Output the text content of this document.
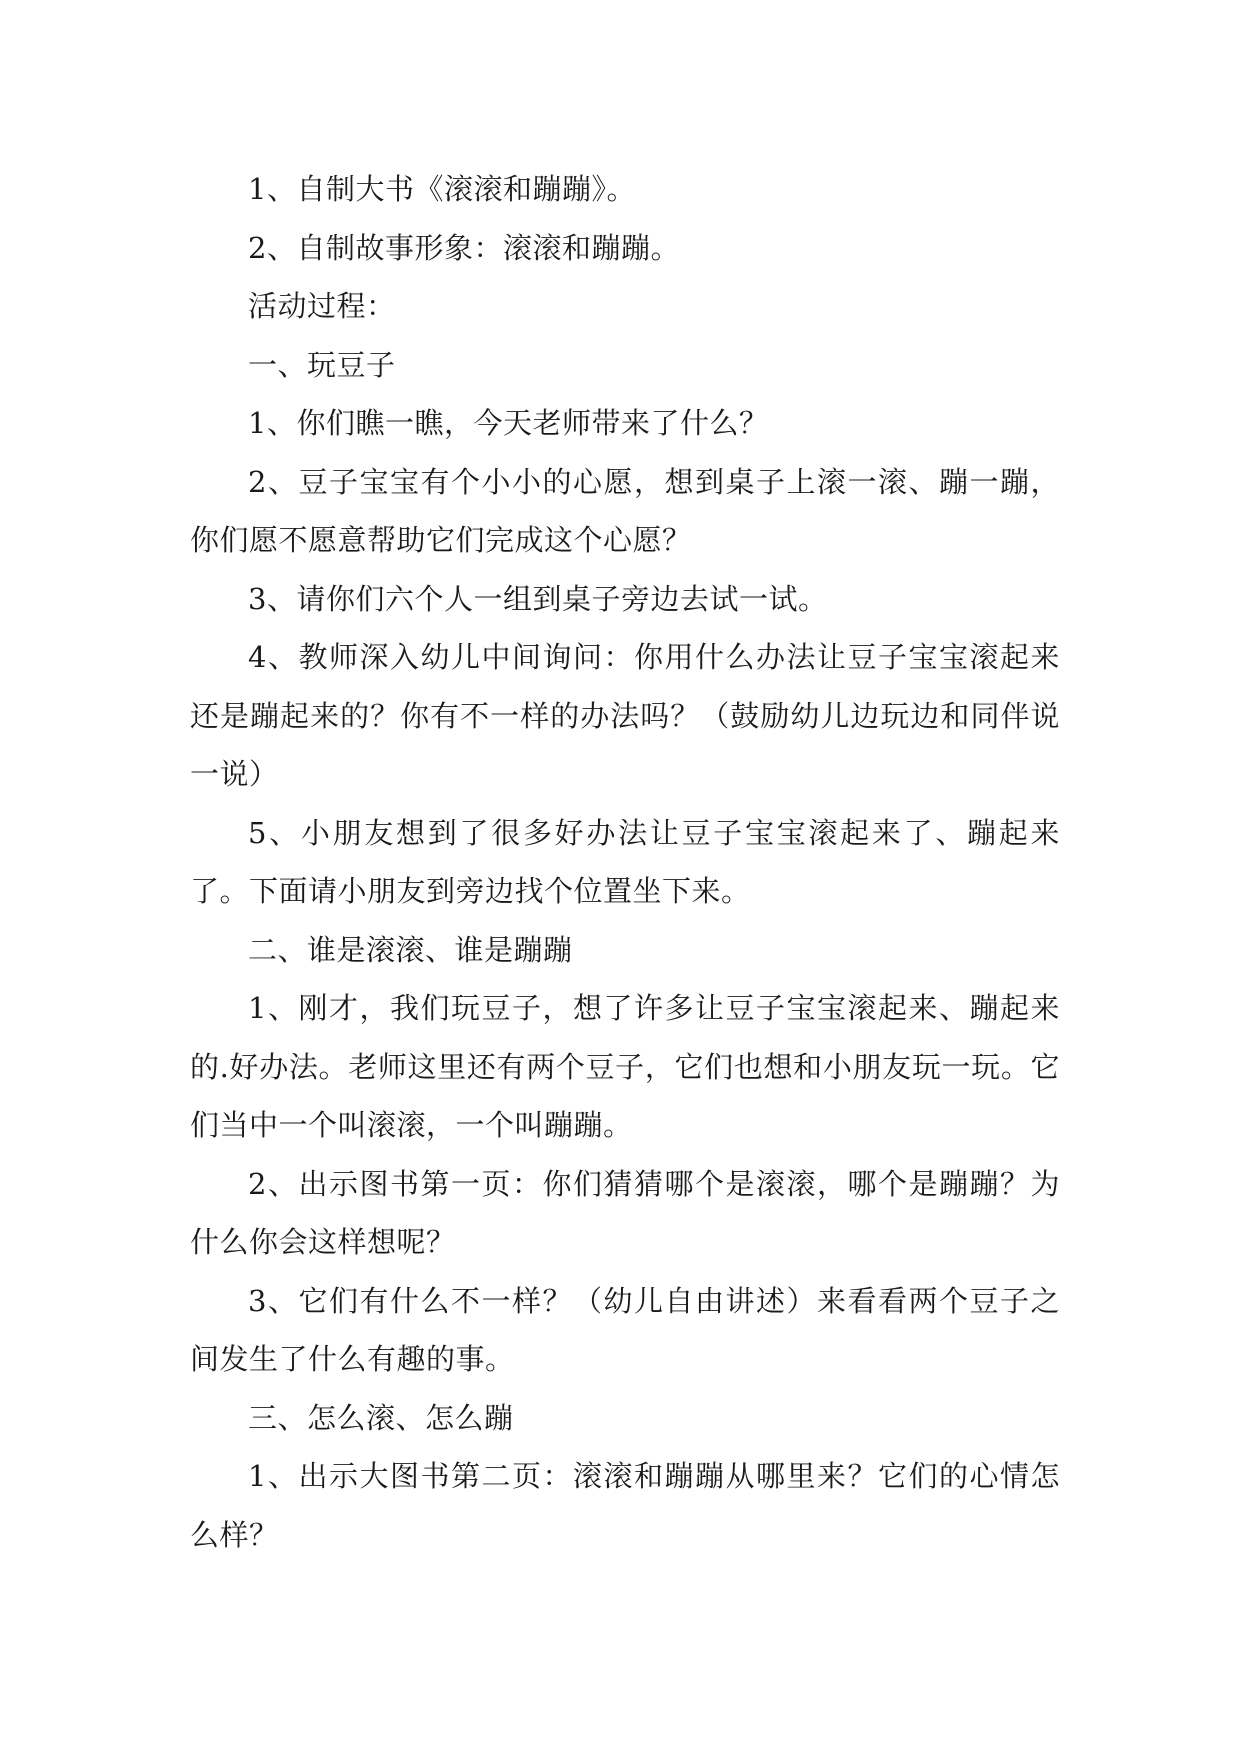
1、自制大书《滚滚和蹦蹦》。

2、自制故事形象：滚滚和蹦蹦。

活动过程：

一、玩豆子

1、你们瞧一瞧，今天老师带来了什么？

2、豆子宝宝有个小小的心愿，想到桌子上滚一滚、蹦一蹦，你们愿不愿意帮助它们完成这个心愿？

3、请你们六个人一组到桌子旁边去试一试。

4、教师深入幼儿中间询问：你用什么办法让豆子宝宝滚起来还是蹦起来的？你有不一样的办法吗？（鼓励幼儿边玩边和同伴说一说）

5、小朋友想到了很多好办法让豆子宝宝滚起来了、蹦起来了。下面请小朋友到旁边找个位置坐下来。

二、谁是滚滚、谁是蹦蹦

1、刚才，我们玩豆子，想了许多让豆子宝宝滚起来、蹦起来的.好办法。老师这里还有两个豆子，它们也想和小朋友玩一玩。它们当中一个叫滚滚，一个叫蹦蹦。

2、出示图书第一页：你们猜猜哪个是滚滚，哪个是蹦蹦？为什么你会这样想呢？

3、它们有什么不一样？（幼儿自由讲述）来看看两个豆子之间发生了什么有趣的事。

三、怎么滚、怎么蹦

1、出示大图书第二页：滚滚和蹦蹦从哪里来？它们的心情怎么样？
